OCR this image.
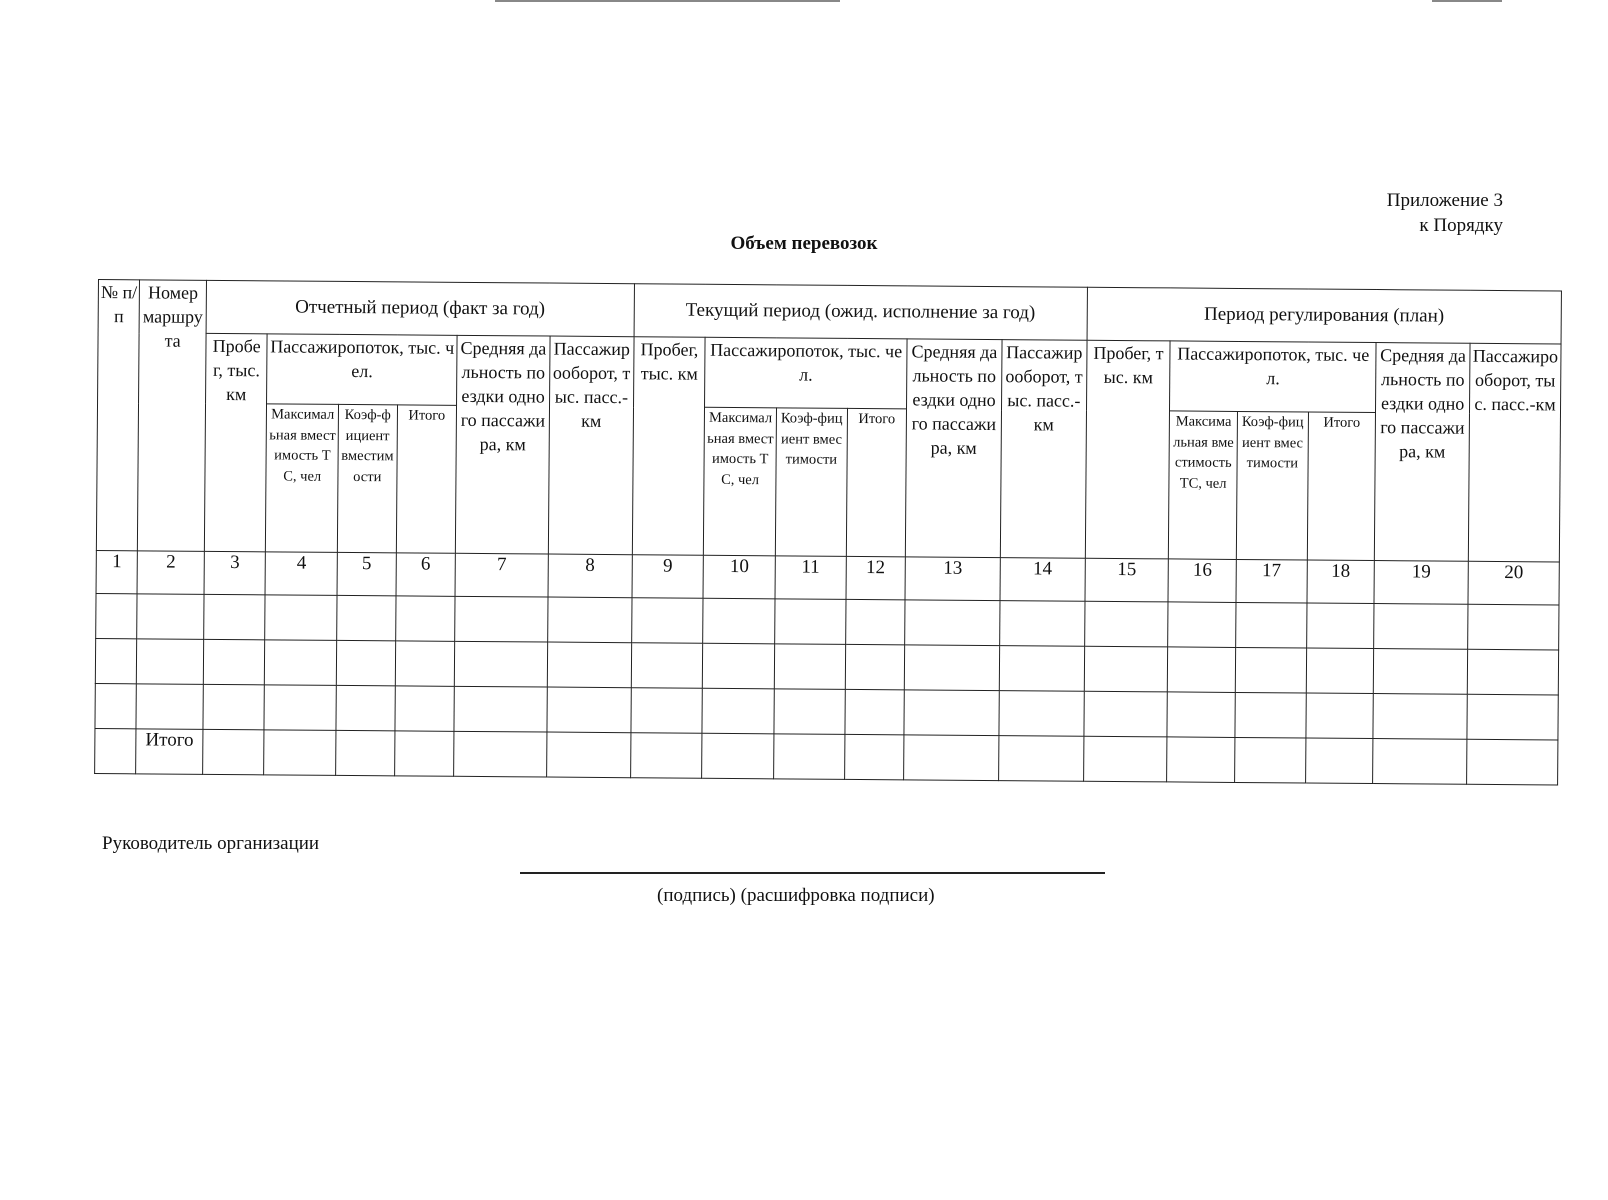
Приложение 3
к Порядку
Объем перевозок
№ п/п	Номер маршрута	Отчетный период (факт за год)						Текущий период (ожид. исполнение за год)						Период регулирования (план)					
		Пробег, тыс. км	Пассажиропоток, тыс. чел.			Средняя дальность поездки одного пассажира, км	Пассажирооборот, тыс. пасс.-км	Пробег, тыс. км	Пассажиропоток, тыс. чел.			Средняя дальность поездки одного пассажира, км	Пассажирооборот, тыс. пасс.-км	Пробег, тыс. км	Пассажиропоток, тыс. чел.			Средняя дальность поездки одного пассажира, км	Пассажирооборот, тыс. пасс.-км
			Максимальная вместимость ТС, чел	Коэф-фициент вместимости	Итого				Максимальная вместимость ТС, чел	Коэф-фициент вместимости	Итого				Максимальная вместимость ТС, чел	Коэф-фициент вместимости	Итого		
1	2	3	4	5	6	7	8	9	10	11	12	13	14	15	16	17	18	19	20

	Итого																		
Руководитель организации
(подпись) (расшифровка подписи)
